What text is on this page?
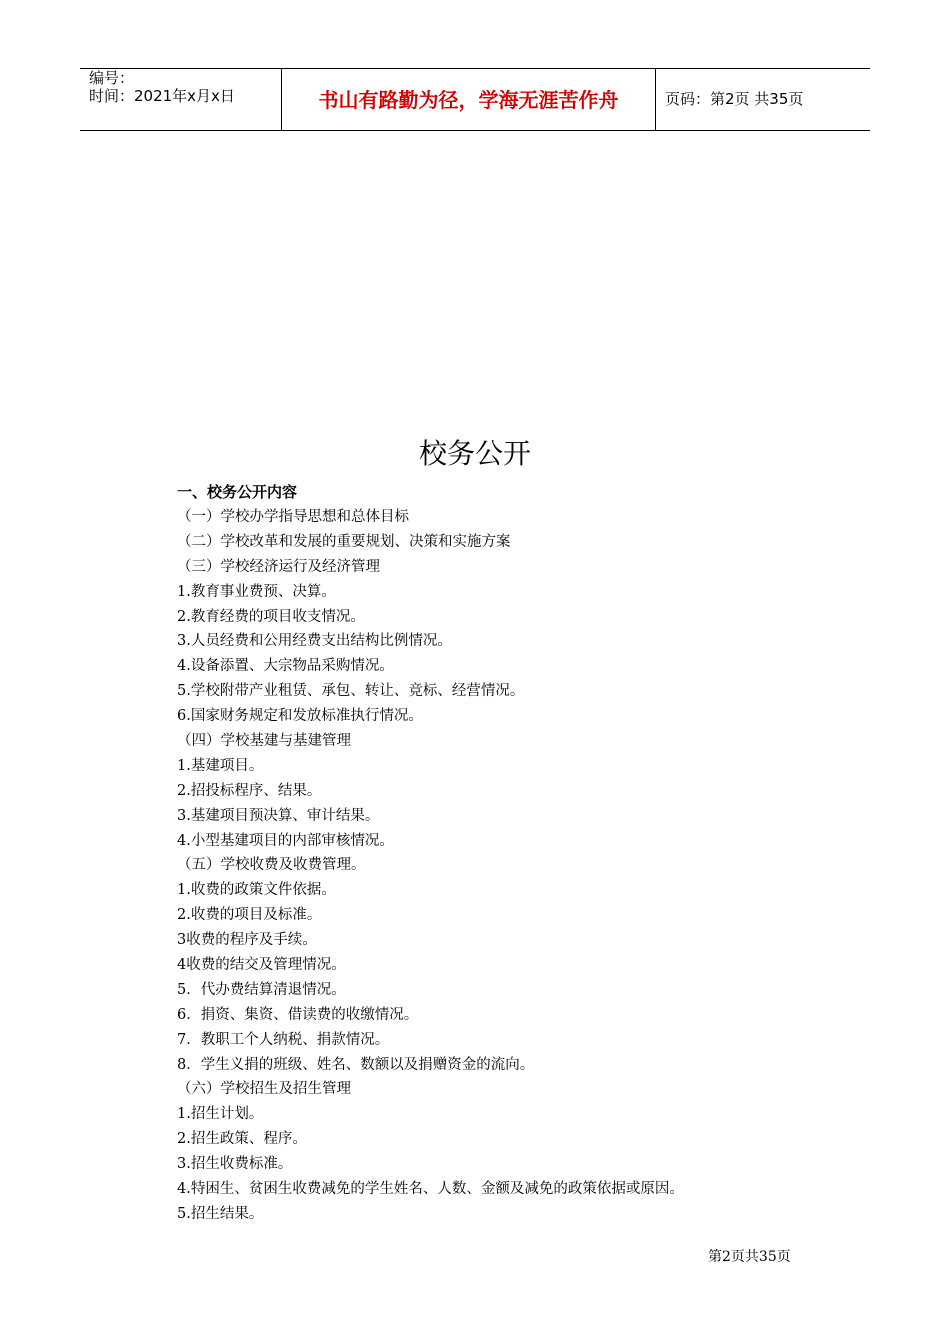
编号：
时间：2021年x月x日	书山有路勤为径，学海无涯苦作舟	页码：第2页 共35页
校务公开
一、校务公开内容
（一）学校办学指导思想和总体目标
（二）学校改革和发展的重要规划、决策和实施方案
（三）学校经济运行及经济管理
1.教育事业费预、决算。
2.教育经费的项目收支情况。
3.人员经费和公用经费支出结构比例情况。
4.设备添置、大宗物品采购情况。
5.学校附带产业租赁、承包、转让、竞标、经营情况。
6.国家财务规定和发放标准执行情况。
（四）学校基建与基建管理
1.基建项目。
2.招投标程序、结果。
3.基建项目预决算、审计结果。
4.小型基建项目的内部审核情况。
（五）学校收费及收费管理。
1.收费的政策文件依据。
2.收费的项目及标准。
3收费的程序及手续。
4收费的结交及管理情况。
5．代办费结算清退情况。
6．捐资、集资、借读费的收缴情况。
7．教职工个人纳税、捐款情况。
8．学生义捐的班级、姓名、数额以及捐赠资金的流向。
（六）学校招生及招生管理
1.招生计划。
2.招生政策、程序。
3.招生收费标准。
4.特困生、贫困生收费减免的学生姓名、人数、金额及减免的政策依据或原因。
5.招生结果。
第2页共35页
